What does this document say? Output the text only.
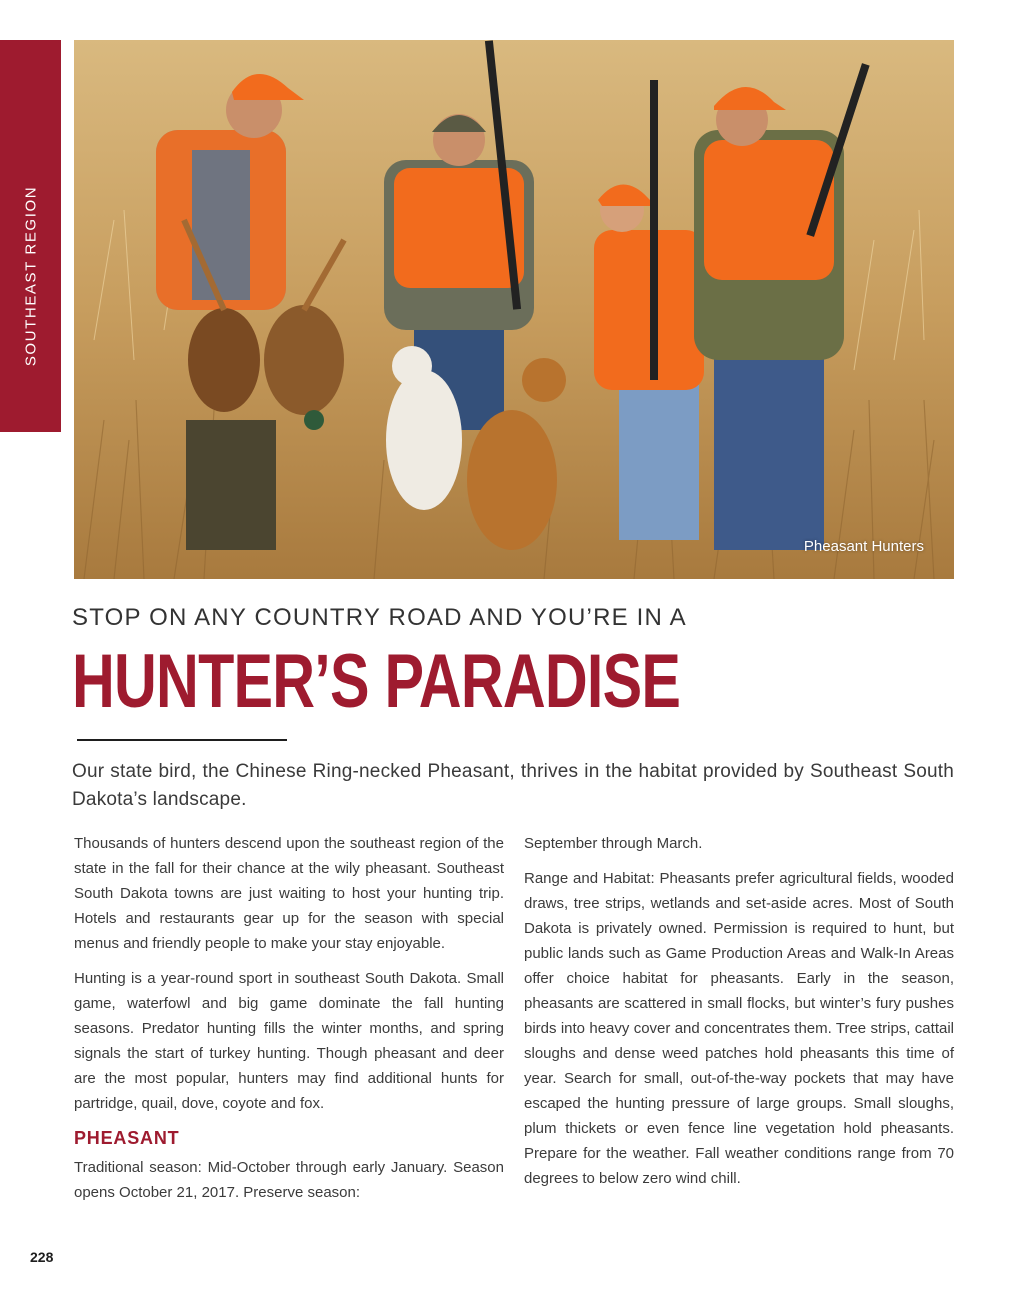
SOUTHEAST REGION
Pheasant Hunters
STOP ON ANY COUNTRY ROAD AND YOU’RE IN A
HUNTER’S PARADISE
Our state bird, the Chinese Ring-necked Pheasant, thrives in the habitat provided by Southeast South Dakota’s landscape.

Thousands of hunters descend upon the southeast region of the state in the fall for their chance at the wily pheasant. Southeast South Dakota towns are just waiting to host your hunting trip. Hotels and restaurants gear up for the season with special menus and friendly people to make your stay enjoyable.

Hunting is a year-round sport in southeast South Dakota. Small game, waterfowl and big game dominate the fall hunting seasons. Predator hunting fills the winter months, and spring signals the start of turkey hunting. Though pheasant and deer are the most popular, hunters may find additional hunts for partridge, quail, dove, coyote and fox.

PHEASANT

Traditional season: Mid-October through early January. Season opens October 21, 2017. Preserve season:

September through March.

Range and Habitat: Pheasants prefer agricultural fields, wooded draws, tree strips, wetlands and set-aside acres. Most of South Dakota is privately owned. Permission is required to hunt, but public lands such as Game Production Areas and Walk-In Areas offer choice habitat for pheasants. Early in the season, pheasants are scattered in small flocks, but winter’s fury pushes birds into heavy cover and concentrates them. Tree strips, cattail sloughs and dense weed patches hold pheasants this time of year. Search for small, out-of-the-way pockets that may have escaped the hunting pressure of large groups. Small sloughs, plum thickets or even fence line vegetation hold pheasants. Prepare for the weather. Fall weather conditions range from 70 degrees to below zero wind chill.

228
